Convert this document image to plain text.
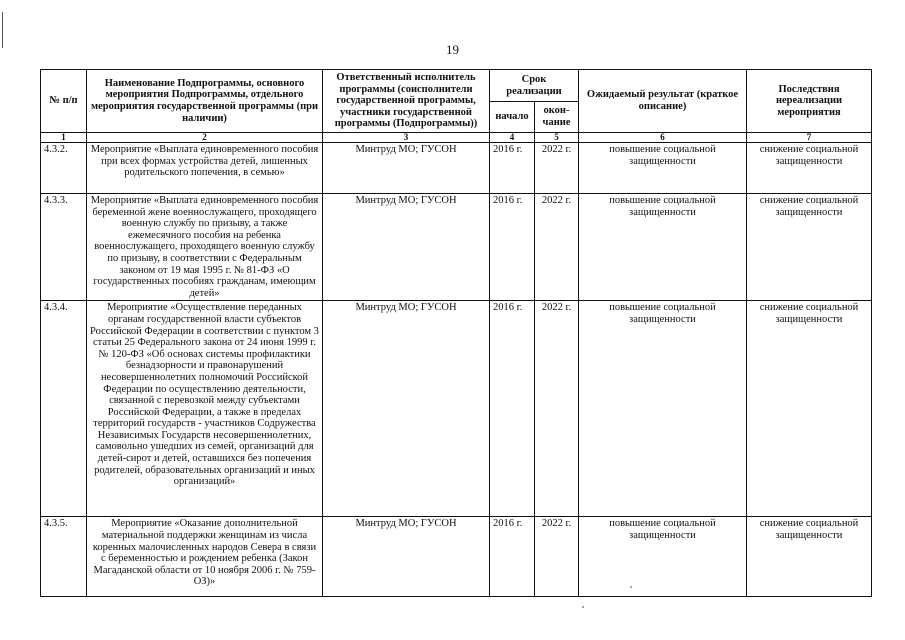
19
№ п/п	Наименование Подпрограммы, основного мероприятия Подпрограммы, отдельного мероприятия государственной программы (при наличии)	Ответственный исполнитель программы (соисполнители государственной программы, участники государственной программы (Подпрограммы))	Срок реализации		Ожидаемый результат (краткое описание)	Последствия нереализации мероприятия
			начало	окон-чание		
1	2	3	4	5	6	7
4.3.2.	Мероприятие «Выплата единовременного пособия при всех формах устройства детей, лишенных родительского попечения, в семью»	Минтруд МО; ГУСОН	2016 г.	2022 г.	повышение социальной защищенности	снижение социальной защищенности
4.3.3.	Мероприятие «Выплата единовременного пособия беременной жене военнослужащего, проходящего военную службу по призыву, а также ежемесячного пособия на ребенка военнослужащего, проходящего военную службу по призыву, в соответствии с Федеральным законом от 19 мая 1995 г. № 81-ФЗ «О государственных пособиях гражданам, имеющим детей»	Минтруд МО; ГУСОН	2016 г.	2022 г.	повышение социальной защищенности	снижение социальной защищенности
4.3.4.	Мероприятие «Осуществление переданных органам государственной власти субъектов Российской Федерации в соответствии с пунктом 3 статьи 25 Федерального закона от 24 июня 1999 г. № 120-ФЗ «Об основах системы профилактики безнадзорности и правонарушений несовершеннолетних полномочий Российской Федерации по осуществлению деятельности, связанной с перевозкой между субъектами Российской Федерации, а также в пределах территорий государств - участников Содружества Независимых Государств несовершеннолетних, самовольно ушедших из семей, организаций для детей-сирот и детей, оставшихся без попечения родителей, образовательных организаций и иных организаций»	Минтруд МО; ГУСОН	2016 г.	2022 г.	повышение социальной защищенности	снижение социальной защищенности
4.3.5.	Мероприятие «Оказание дополнительной материальной поддержки женщинам из числа коренных малочисленных народов Севера в связи с беременностью и рождением ребенка (Закон Магаданской области от 10 ноября 2006 г. № 759-ОЗ)»	Минтруд МО; ГУСОН	2016 г.	2022 г.	повышение социальной защищенности	снижение социальной защищенности
